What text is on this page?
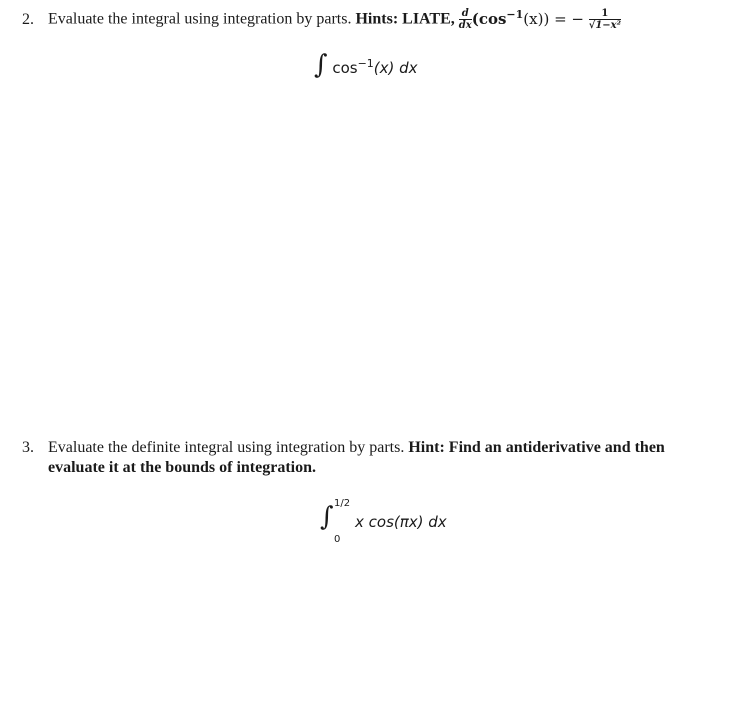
2. Evaluate the integral using integration by parts. Hints: LIATE, $\frac{d}{dx} (\cos^{-1}(x))$ = − $\frac{1}{\text{√1−x²}}$
∫ $\cos^{-1}(x)$ dx
3. Evaluate the definite integral using integration by parts. Hint: Find an antiderivative and then
evaluate it at the bounds of integration.
∫ 1/2
0
x cos(πx) dx
